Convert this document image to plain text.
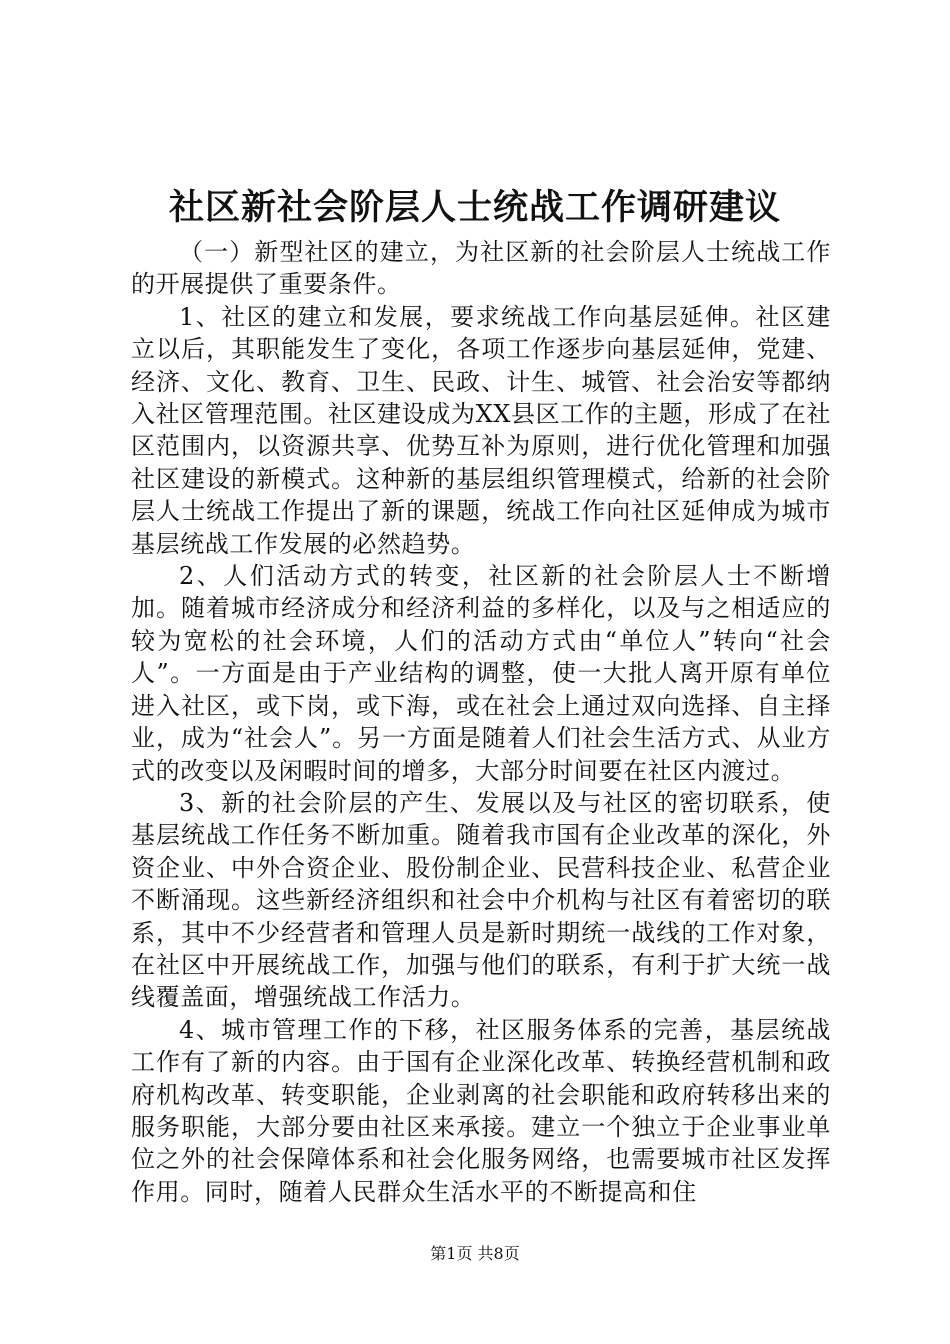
社区新社会阶层人士统战工作调研建议

（一）新型社区的建立，为社区新的社会阶层人士统战工作的开展提供了重要条件。

1、社区的建立和发展，要求统战工作向基层延伸。社区建立以后，其职能发生了变化，各项工作逐步向基层延伸，党建、经济、文化、教育、卫生、民政、计生、城管、社会治安等都纳入社区管理范围。社区建设成为XX县区工作的主题，形成了在社区范围内，以资源共享、优势互补为原则，进行优化管理和加强社区建设的新模式。这种新的基层组织管理模式，给新的社会阶层人士统战工作提出了新的课题，统战工作向社区延伸成为城市基层统战工作发展的必然趋势。

2、人们活动方式的转变，社区新的社会阶层人士不断增加。随着城市经济成分和经济利益的多样化，以及与之相适应的较为宽松的社会环境，人们的活动方式由“单位人”转向“社会人”。一方面是由于产业结构的调整，使一大批人离开原有单位进入社区，或下岗，或下海，或在社会上通过双向选择、自主择业，成为“社会人”。另一方面是随着人们社会生活方式、从业方式的改变以及闲暇时间的增多，大部分时间要在社区内渡过。

3、新的社会阶层的产生、发展以及与社区的密切联系，使基层统战工作任务不断加重。随着我市国有企业改革的深化，外资企业、中外合资企业、股份制企业、民营科技企业、私营企业不断涌现。这些新经济组织和社会中介机构与社区有着密切的联系，其中不少经营者和管理人员是新时期统一战线的工作对象，在社区中开展统战工作，加强与他们的联系，有利于扩大统一战线覆盖面，增强统战工作活力。

4、城市管理工作的下移，社区服务体系的完善，基层统战工作有了新的内容。由于国有企业深化改革、转换经营机制和政府机构改革、转变职能，企业剥离的社会职能和政府转移出来的服务职能，大部分要由社区来承接。建立一个独立于企业事业单位之外的社会保障体系和社会化服务网络，也需要城市社区发挥作用。同时，随着人民群众生活水平的不断提高和住

第1页 共8页
